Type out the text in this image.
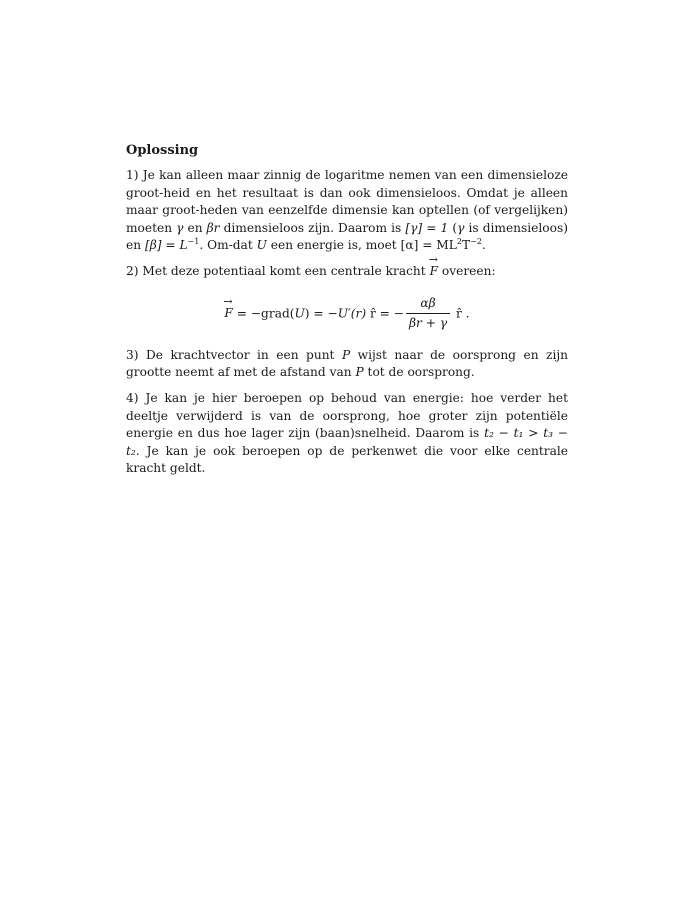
Oplossing

1) Je kan alleen maar zinnig de logaritme nemen van een dimensieloze groot-heid en het resultaat is dan ook dimensieloos. Omdat je alleen maar groot-heden van eenzelfde dimensie kan optellen (of vergelijken) moeten γ en βr dimensieloos zijn. Daarom is [γ] = 1 (γ is dimensieloos) en $[\beta] = L^{-1}$. Om-dat U een energie is, moet $[\alpha] = ML^2T^{-2}$.

2) Met deze potentiaal komt een centrale kracht → F overeen:

→ F = −grad(U) = −U′(r) r̂ = − $\frac{\alpha\beta}{\beta r + \gamma}$ r̂ .

3) De krachtvector in een punt P wijst naar de oorsprong en zijn grootte neemt af met de afstand van P tot de oorsprong.

4) Je kan je hier beroepen op behoud van energie: hoe verder het deeltje verwijderd is van de oorsprong, hoe groter zijn potentiële energie en dus hoe lager zijn (baan)snelheid. Daarom is t₂ − t₁ > t₃ − t₂. Je kan je ook beroepen op de perkenwet die voor elke centrale kracht geldt.
